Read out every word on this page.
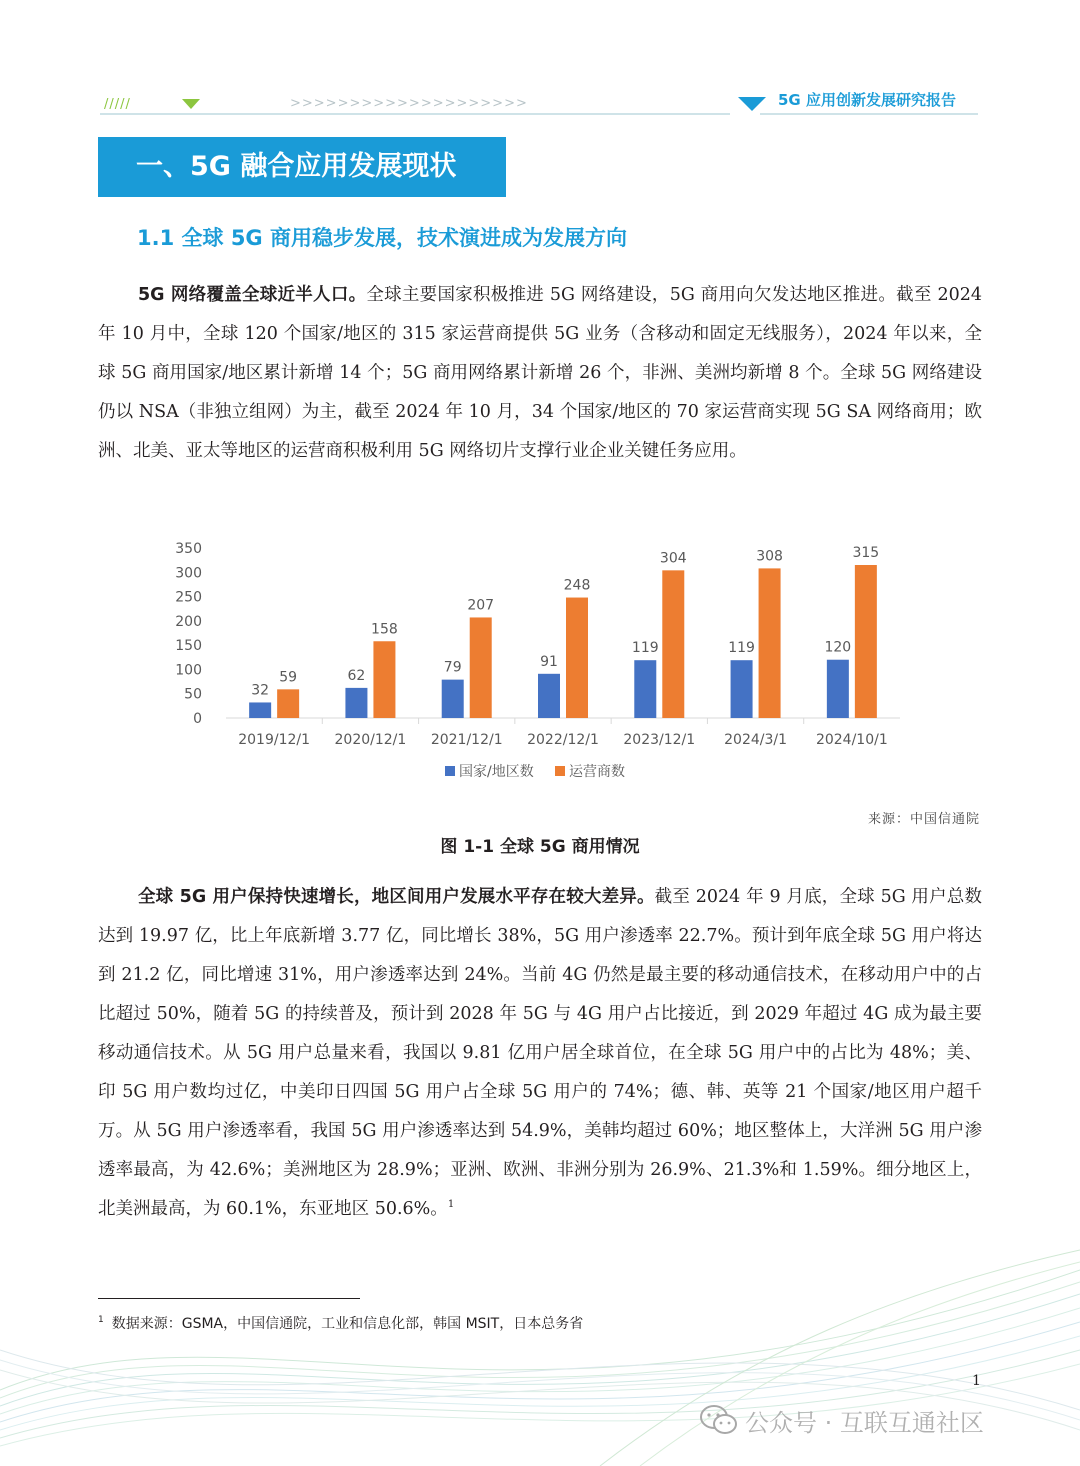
/////	>>>>>>>>>>>>>>>>>>>>	5G 应用创新发展研究报告
一、5G 融合应用发展现状
1.1 全球 5G 商用稳步发展，技术演进成为发展方向

5G 网络覆盖全球近半人口。全球主要国家积极推进 5G 网络建设，5G 商用向欠发达地区推进。截至 2024 年 10 月中，全球 120 个国家/地区的 315 家运营商提供 5G 业务（含移动和固定无线服务），2024 年以来，全球 5G 商用国家/地区累计新增 14 个；5G 商用网络累计新增 26 个，非洲、美洲均新增 8 个。全球 5G 网络建设仍以 NSA（非独立组网）为主，截至 2024 年 10 月，34 个国家/地区的 70 家运营商实现 5G SA 网络商用；欧洲、北美、亚太等地区的运营商积极利用 5G 网络切片支撑行业企业关键任务应用。

0
50
100
150
200
250
300
350
2019/12/1
32
59
2020/12/1
62
158
2021/12/1
79
207
2022/12/1
91
248
2023/12/1
119
304
2024/3/1
119
308
2024/10/1
120
315
国家/地区数	运营商数
来源：中国信通院
图 1-1 全球 5G 商用情况

全球 5G 用户保持快速增长，地区间用户发展水平存在较大差异。截至 2024 年 9 月底，全球 5G 用户总数达到 19.97 亿，比上年底新增 3.77 亿，同比增长 38%，5G 用户渗透率 22.7%。预计到年底全球 5G 用户将达到 21.2 亿，同比增速 31%，用户渗透率达到 24%。当前 4G 仍然是最主要的移动通信技术，在移动用户中的占比超过 50%，随着 5G 的持续普及，预计到 2028 年 5G 与 4G 用户占比接近，到 2029 年超过 4G 成为最主要移动通信技术。从 5G 用户总量来看，我国以 9.81 亿用户居全球首位，在全球 5G 用户中的占比为 48%；美、印 5G 用户数均过亿，中美印日四国 5G 用户占全球 5G 用户的 74%；德、韩、英等 21 个国家/地区用户超千万。从 5G 用户渗透率看，我国 5G 用户渗透率达到 54.9%，美韩均超过 60%；地区整体上，大洋洲 5G 用户渗透率最高，为 42.6%；美洲地区为 28.9%；亚洲、欧洲、非洲分别为 26.9%、21.3%和 1.59%。细分地区上，北美洲最高，为 60.1%，东亚地区 50.6%。$^1$

$^1$ 数据来源：GSMA，中国信通院，工业和信息化部，韩国 MSIT，日本总务省
1
公众号 · 互联互通社区
